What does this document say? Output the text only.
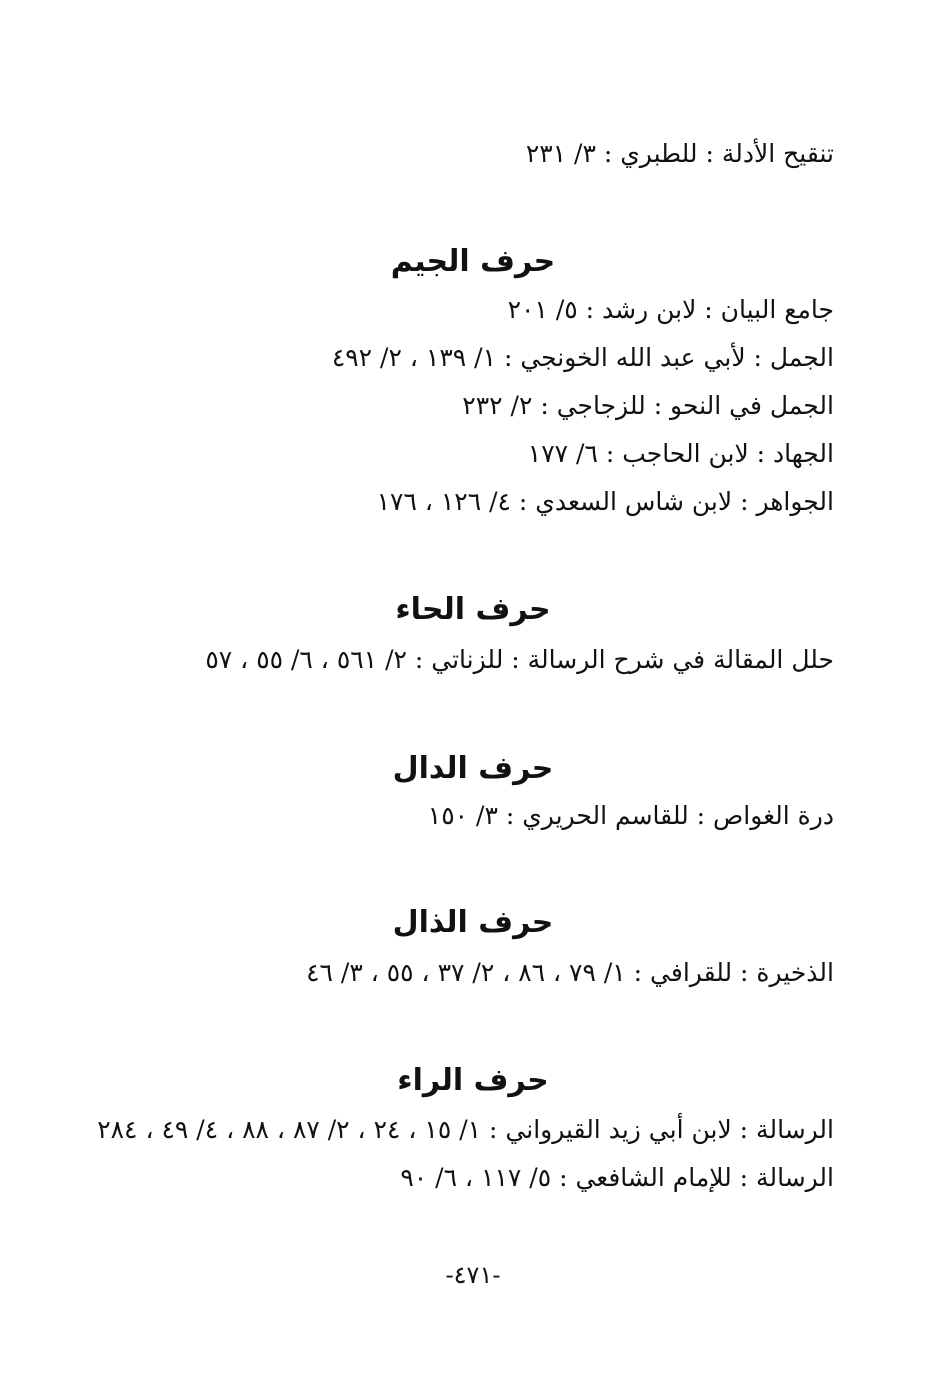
تنقيح الأدلة : للطبري : ٣/ ٢٣١
حرف الجيم
جامع البيان : لابن رشد : ٥/ ٢٠١
الجمل : لأبي عبد الله الخونجي : ١/ ١٣٩ ، ٢/ ٤٩٢
الجمل في النحو : للزجاجي : ٢/ ٢٣٢
الجهاد : لابن الحاجب : ٦/ ١٧٧
الجواهر : لابن شاس السعدي : ٤/ ١٢٦ ، ١٧٦
حرف الحاء
حلل المقالة في شرح الرسالة : للزناتي : ٢/ ٥٦١ ، ٦/ ٥٥ ، ٥٧
حرف الدال
درة الغواص : للقاسم الحريري : ٣/ ١٥٠
حرف الذال
الذخيرة : للقرافي : ١/ ٧٩ ، ٨٦ ، ٢/ ٣٧ ، ٥٥ ، ٣/ ٤٦
حرف الراء
الرسالة : لابن أبي زيد القيرواني : ١/ ١٥ ، ٢٤ ، ٢/ ٨٧ ، ٨٨ ، ٤/ ٤٩ ، ٢٨٤
الرسالة : للإمام الشافعي : ٥/ ١١٧ ، ٦/ ٩٠
-٤٧١-
